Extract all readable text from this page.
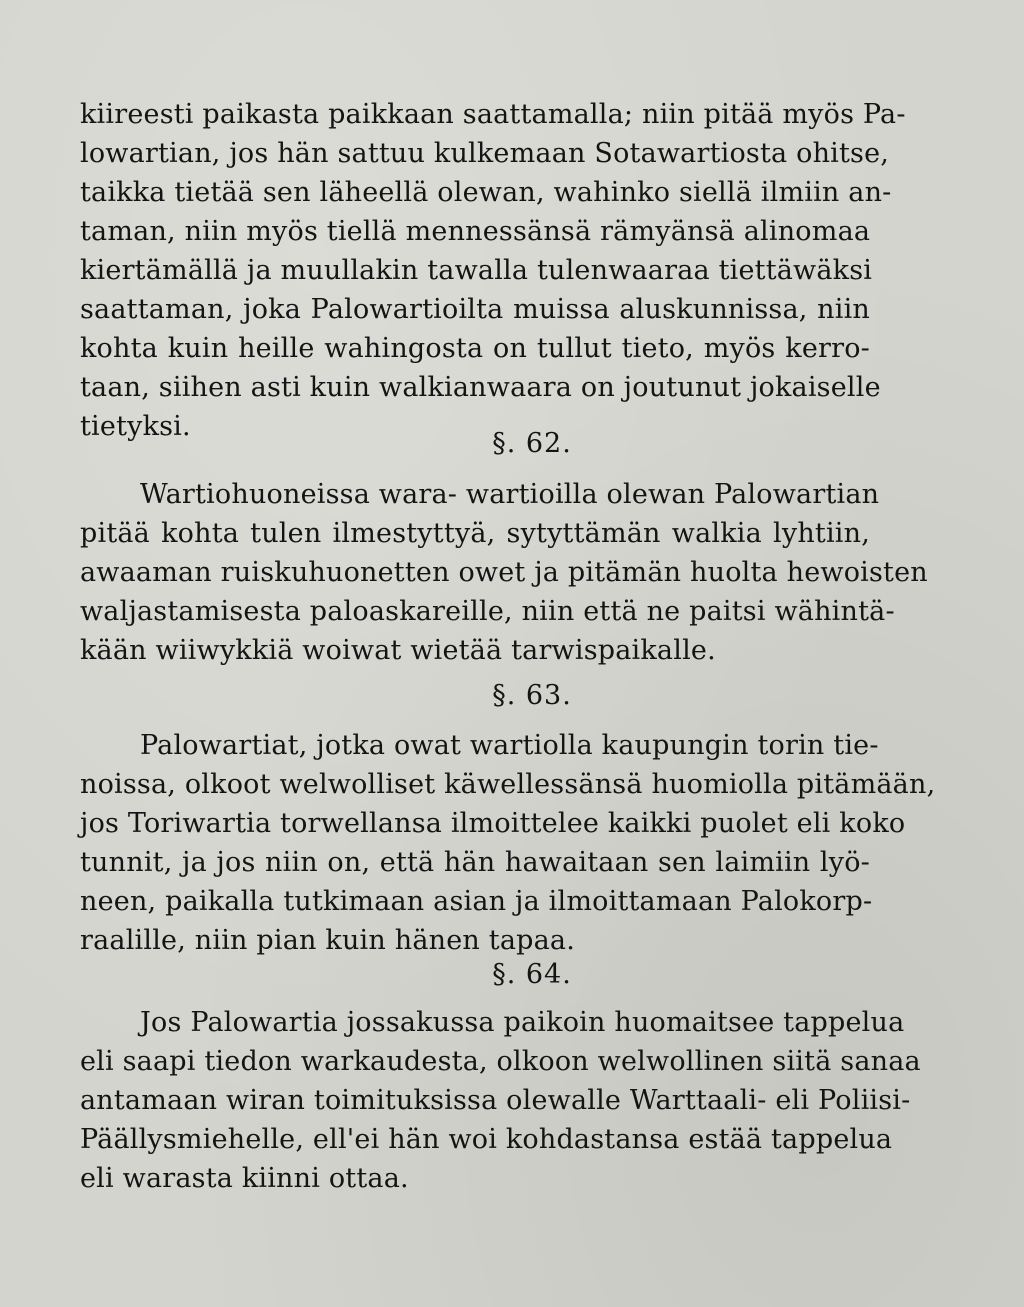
kiireesti paikasta paikkaan saattamalla; niin pitää myös Pa-
lowartian, jos hän sattuu kulkemaan Sotawartiosta ohitse,
taikka tietää sen läheellä olewan, wahinko siellä ilmiin an-
taman, niin myös tiellä mennessänsä rämyänsä alinomaa
kiertämällä ja muullakin tawalla tulenwaaraa tiettäwäksi
saattaman, joka Palowartioilta muissa aluskunnissa, niin
kohta kuin heille wahingosta on tullut tieto, myös kerro-
taan, siihen asti kuin walkianwaara on joutunut jokaiselle
tietyksi.
§. 62.
Wartiohuoneissa wara- wartioilla olewan Palowartian
pitää kohta tulen ilmestyttyä, sytyttämän walkia lyhtiin,
awaaman ruiskuhuonetten owet ja pitämän huolta hewoisten
waljastamisesta paloaskareille, niin että ne paitsi wähintä-
kään wiiwykkiä woiwat wietää tarwispaikalle.
§. 63.
Palowartiat, jotka owat wartiolla kaupungin torin tie-
noissa, olkoot welwolliset käwellessänsä huomiolla pitämään,
jos Toriwartia torwellansa ilmoittelee kaikki puolet eli koko
tunnit, ja jos niin on, että hän hawaitaan sen laimiin lyö-
neen, paikalla tutkimaan asian ja ilmoittamaan Palokorp-
raalille, niin pian kuin hänen tapaa.
§. 64.
Jos Palowartia jossakussa paikoin huomaitsee tappelua
eli saapi tiedon warkaudesta, olkoon welwollinen siitä sanaa
antamaan wiran toimituksissa olewalle Warttaali- eli Poliisi-
Päällysmiehelle, ell'ei hän woi kohdastansa estää tappelua
eli warasta kiinni ottaa.
